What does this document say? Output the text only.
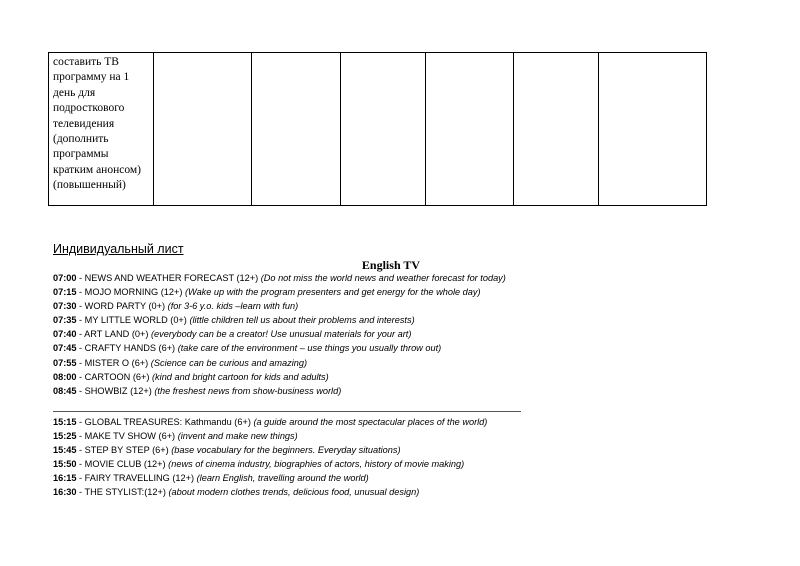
составить ТВ программу на 1 день для подросткового телевидения (дополнить программы кратким анонсом) (повышенный)

Индивидуальный лист
English TV
07:00 - NEWS AND WEATHER FORECAST (12+) (Do not miss the world news and weather forecast for today)
07:15 - MOJO MORNING (12+) (Wake up with the program presenters and get energy for the whole day)
07:30 - WORD PARTY (0+) (for 3-6 y.o. kids –learn with fun)
07:35 - MY LITTLE WORLD (0+) (little children tell us about their problems and interests)
07:40 - ART LAND (0+) (everybody can be a creator! Use unusual materials for your art)
07:45 - CRAFTY HANDS (6+) (take care of the environment – use things you usually throw out)
07:55 - MISTER O (6+) (Science can be curious and amazing)
08:00 - CARTOON (6+) (kind and bright cartoon for kids and adults)
08:45 - SHOWBIZ (12+) (the freshest news from show-business world)
15:15 - GLOBAL TREASURES: Kathmandu (6+) (a guide around the most spectacular places of the world)
15:25 - MAKE TV SHOW (6+) (invent and make new things)
15:45 - STEP BY STEP (6+) (base vocabulary for the beginners. Everyday situations)
15:50 - MOVIE CLUB (12+) (news of cinema industry, biographies of actors, history of movie making)
16:15 - FAIRY TRAVELLING (12+) (learn English, travelling around the world)
16:30 - THE STYLIST:(12+) (about modern clothes trends, delicious food, unusual design)
